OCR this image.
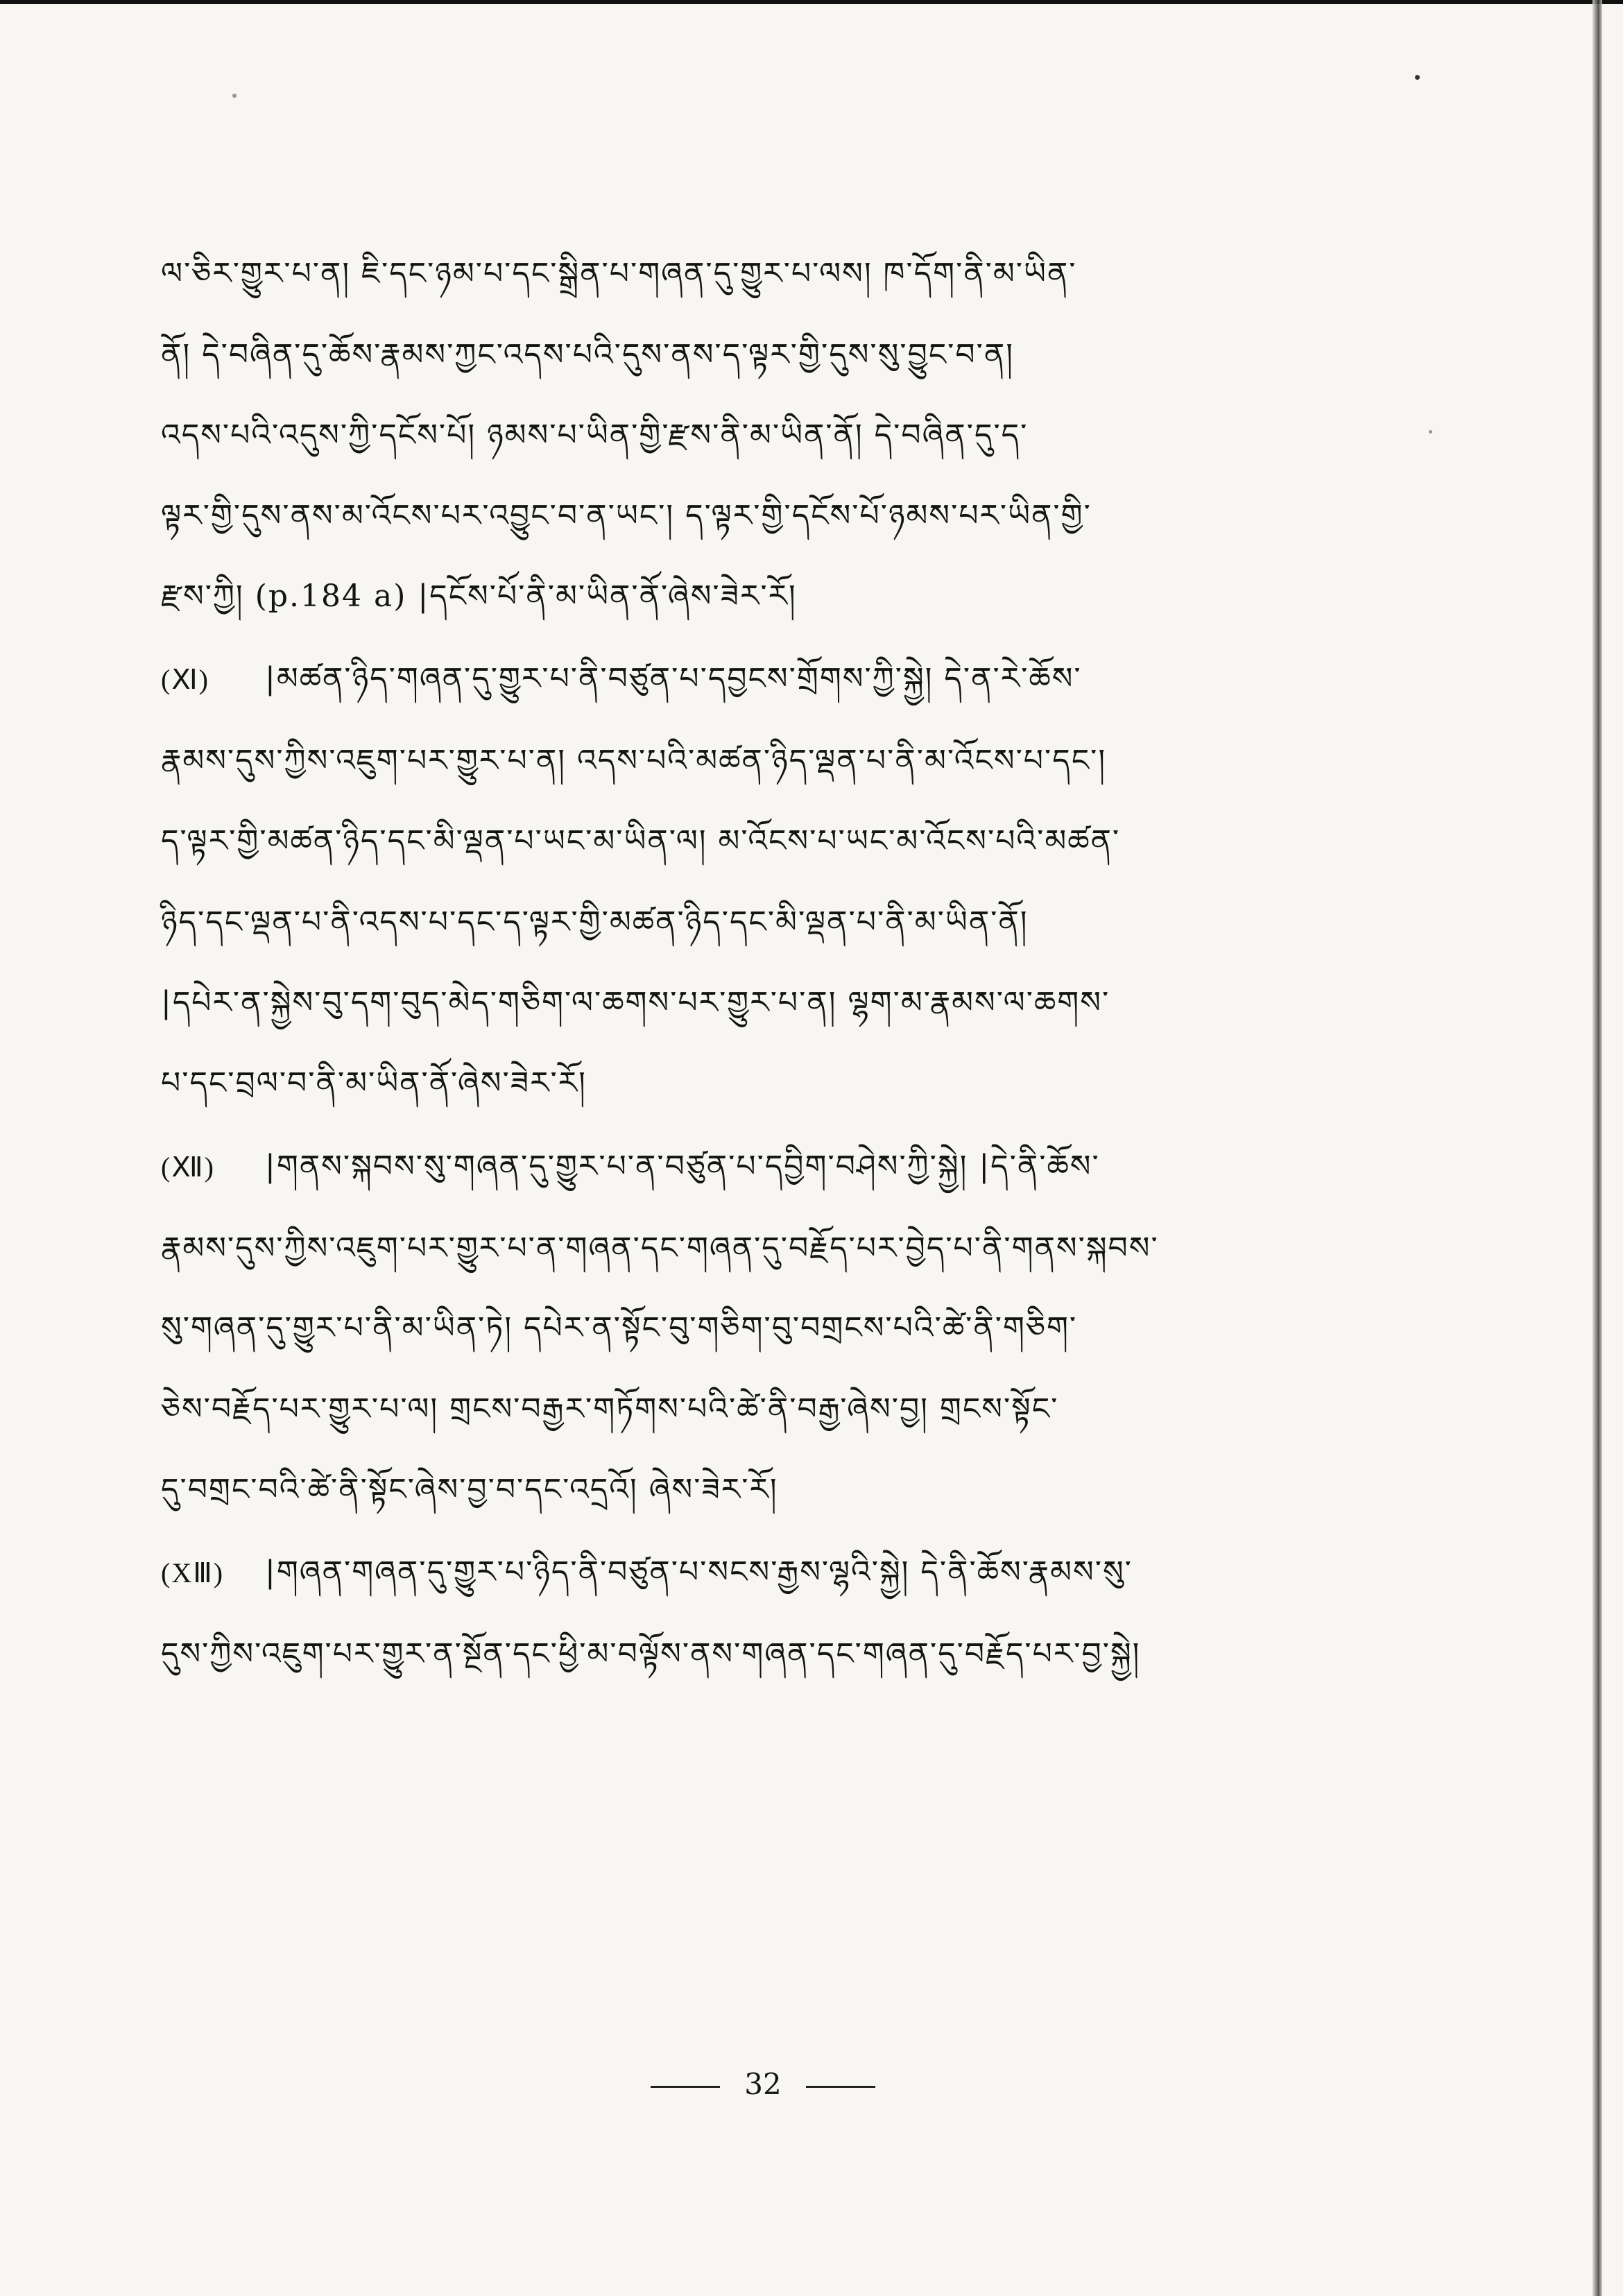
ལ་ཅིར་གྱུར་པ་ན། ཇི་དང་ཉམ་པ་དང་སྒྲིན་པ་གཞན་དུ་གྱུར་པ་ལས། ཁ་དོག་ནི་མ་ཡིན་
ནོ། དེ་བཞིན་དུ་ཆོས་རྣམས་ཀྱང་འདས་པའི་དུས་ནས་ད་ལྟར་གྱི་དུས་སུ་བྱུང་བ་ན།
འདས་པའི་འདུས་ཀྱི་དངོས་པོ། ཉམས་པ་ཡིན་གྱི་རྫས་ནི་མ་ཡིན་ནོ། དེ་བཞིན་དུ་ད་
ལྟར་གྱི་དུས་ནས་མ་འོངས་པར་འབྱུང་བ་ན་ཡང་། ད་ལྟར་གྱི་དངོས་པོ་ཉམས་པར་ཡིན་གྱི་
རྫས་ཀྱི། (p.184 a) |དངོས་པོ་ནི་མ་ཡིན་ནོ་ཞེས་ཟེར་རོ།
(Ⅺ) |མཚན་ཉིད་གཞན་དུ་གྱུར་པ་ནི་བཙུན་པ་དབྱངས་གྲོགས་ཀྱི་སྐྱེ། དེ་ན་རེ་ཆོས་
རྣམས་དུས་ཀྱིས་འཇུག་པར་གྱུར་པ་ན། འདས་པའི་མཚན་ཉིད་ལྡན་པ་ནི་མ་འོངས་པ་དང་།
ད་ལྟར་གྱི་མཚན་ཉིད་དང་མི་ལྡན་པ་ཡང་མ་ཡིན་ལ། མ་འོངས་པ་ཡང་མ་འོངས་པའི་མཚན་
ཉིད་དང་ལྡན་པ་ནི་འདས་པ་དང་ད་ལྟར་གྱི་མཚན་ཉིད་དང་མི་ལྡན་པ་ནི་མ་ཡིན་ནོ།
|དཔེར་ན་སྐྱེས་བུ་དག་བུད་མེད་གཅིག་ལ་ཆགས་པར་གྱུར་པ་ན། ལྷག་མ་རྣམས་ལ་ཆགས་
པ་དང་བྲལ་བ་ནི་མ་ཡིན་ནོ་ཞེས་ཟེར་རོ།
(Ⅻ) |གནས་སྐབས་སུ་གཞན་དུ་གྱུར་པ་ན་བཙུན་པ་དབྱིག་བཤེས་ཀྱི་སྐྱེ། |དེ་ནི་ཆོས་
རྣམས་དུས་ཀྱིས་འཇུག་པར་གྱུར་པ་ན་གཞན་དང་གཞན་དུ་བརྗོད་པར་བྱེད་པ་ནི་གནས་སྐབས་
སུ་གཞན་དུ་གྱུར་པ་ནི་མ་ཡིན་ཏེ། དཔེར་ན་སྟོང་བུ་གཅིག་བུ་བགྲངས་པའི་ཚེ་ནི་གཅིག་
ཅེས་བརྗོད་པར་གྱུར་པ་ལ། གྲངས་བརྒྱར་གཏོགས་པའི་ཚེ་ནི་བརྒྱ་ཞེས་བྱ། གྲངས་སྟོང་
དུ་བགྲང་བའི་ཚེ་ནི་སྟོང་ཞེས་བྱ་བ་དང་འདྲའོ། ཞེས་ཟེར་རོ།
(XⅢ) |གཞན་གཞན་དུ་གྱུར་པ་ཉིད་ནི་བཙུན་པ་སངས་རྒྱས་ལྷའི་སྐྱེ། དེ་ནི་ཆོས་རྣམས་སུ་
དུས་ཀྱིས་འཇུག་པར་གྱུར་ན་སྔོན་དང་ཕྱི་མ་བལྟོས་ནས་གཞན་དང་གཞན་དུ་བརྗོད་པར་བྱ་སྐྱེ།
32
